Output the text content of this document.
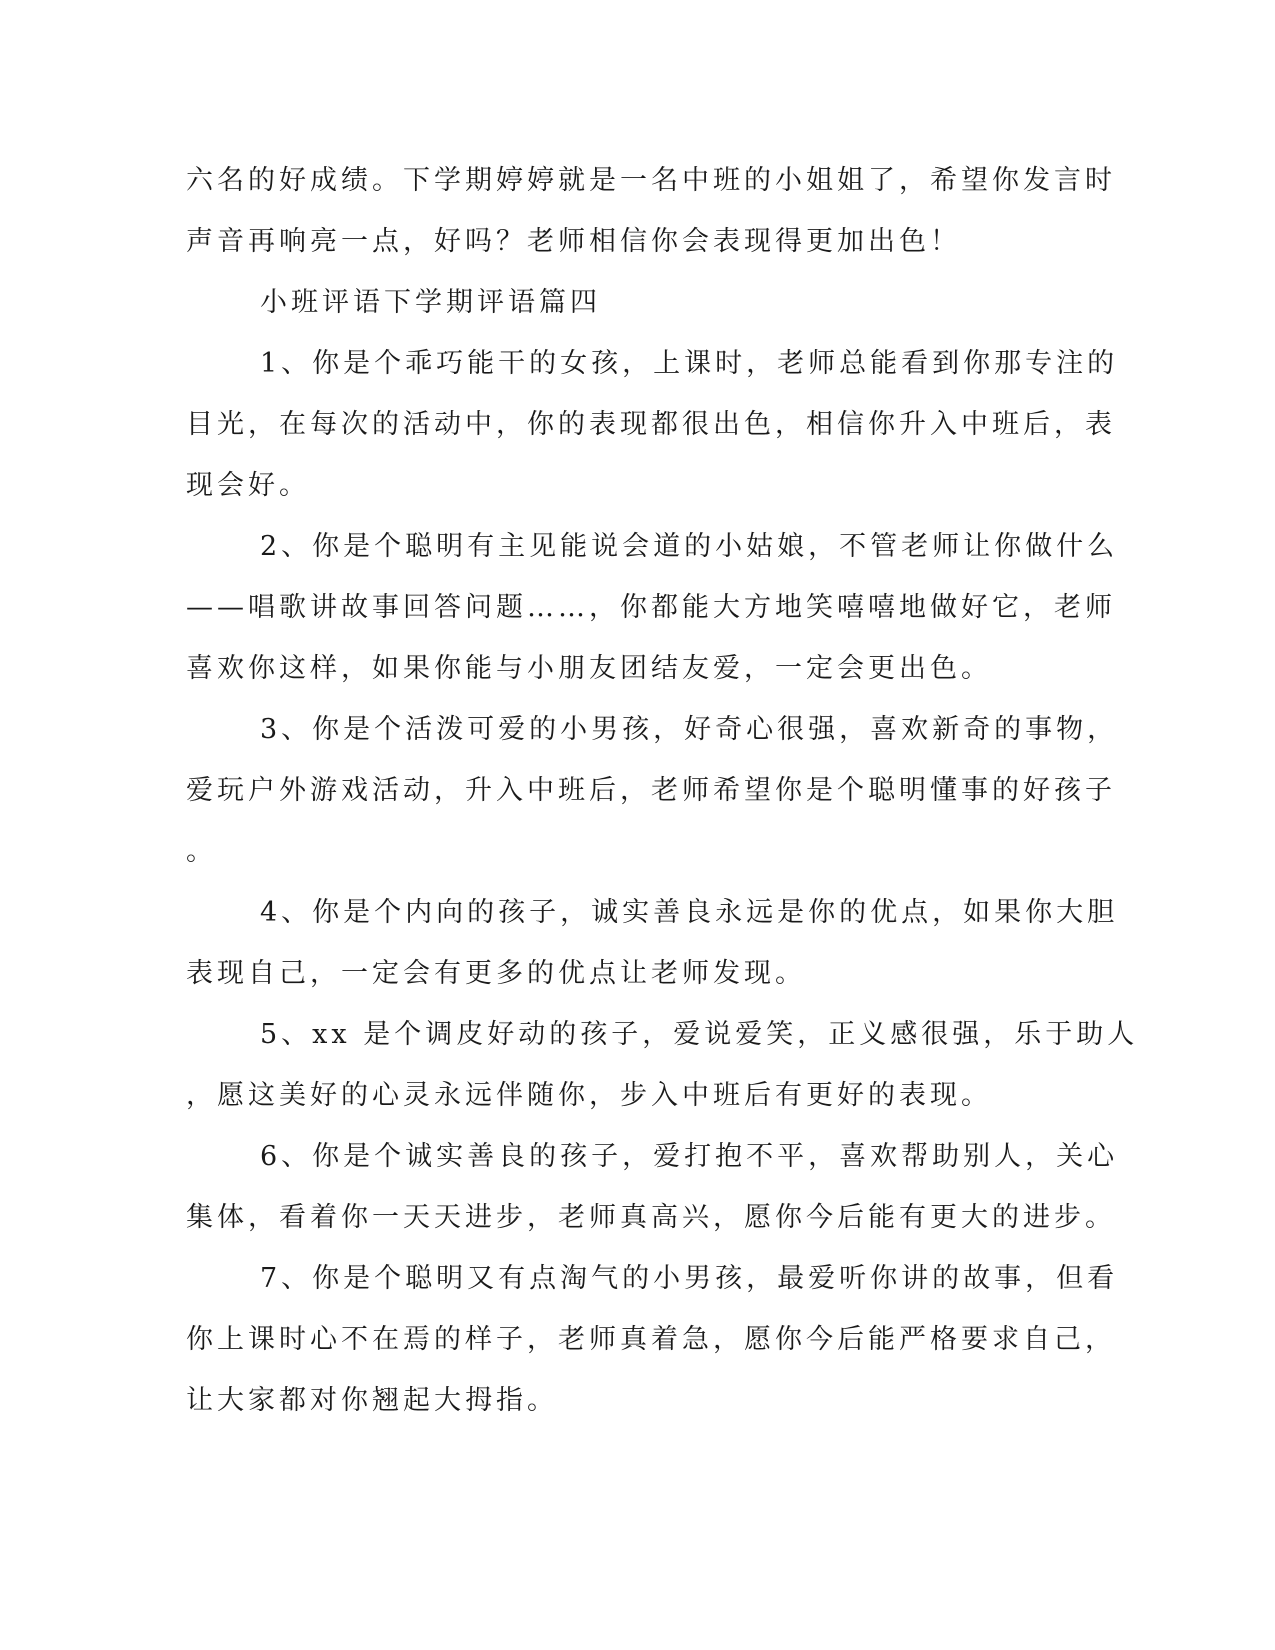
六名的好成绩。下学期婷婷就是一名中班的小姐姐了，希望你发言时
声音再响亮一点，好吗？老师相信你会表现得更加出色！
小班评语下学期评语篇四
1、你是个乖巧能干的女孩，上课时，老师总能看到你那专注的
目光，在每次的活动中，你的表现都很出色，相信你升入中班后，表
现会好。
2、你是个聪明有主见能说会道的小姑娘，不管老师让你做什么
——唱歌讲故事回答问题……，你都能大方地笑嘻嘻地做好它，老师
喜欢你这样，如果你能与小朋友团结友爱，一定会更出色。
3、你是个活泼可爱的小男孩，好奇心很强，喜欢新奇的事物，
爱玩户外游戏活动，升入中班后，老师希望你是个聪明懂事的好孩子
。
4、你是个内向的孩子，诚实善良永远是你的优点，如果你大胆
表现自己，一定会有更多的优点让老师发现。
5、xx 是个调皮好动的孩子，爱说爱笑，正义感很强，乐于助人
，愿这美好的心灵永远伴随你，步入中班后有更好的表现。
6、你是个诚实善良的孩子，爱打抱不平，喜欢帮助别人，关心
集体，看着你一天天进步，老师真高兴，愿你今后能有更大的进步。
7、你是个聪明又有点淘气的小男孩，最爱听你讲的故事，但看
你上课时心不在焉的样子，老师真着急，愿你今后能严格要求自己，
让大家都对你翘起大拇指。
